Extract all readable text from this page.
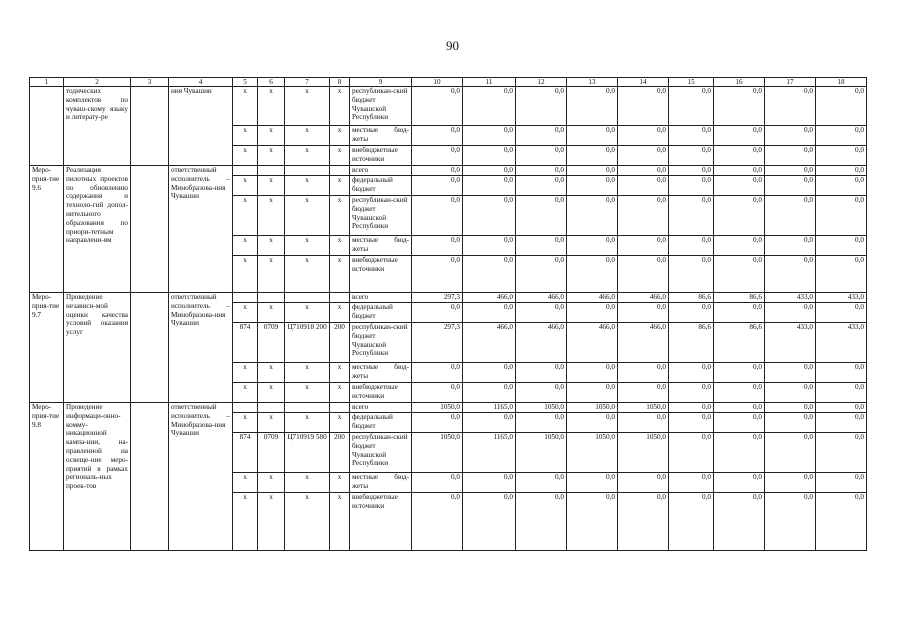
90
1	2	3	4	5	6	7	8	9	10	11	12	13	14	15	16	17	18
	тодических комплектов по чуваш-скому языку и литерату-ре		ния Чувашии	x	x	x	x	республикан-ский бюджет Чувашской Республики	0,0	0,0	0,0	0,0	0,0	0,0	0,0	0,0	0,0
				x	x	x	x	местные бюд-жеты	0,0	0,0	0,0	0,0	0,0	0,0	0,0	0,0	0,0
				x	x	x	x	внебюджетные источники	0,0	0,0	0,0	0,0	0,0	0,0	0,0	0,0	0,0
Меро-прия-тие 9.6	Реализация пилотных проектов по обновлению содержания и техноло-гий допол-нительного образования по приори-тетным направлени-ям		ответственный исполнитель – Минобразова-ния Чувашии					всего	0,0	0,0	0,0	0,0	0,0	0,0	0,0	0,0	0,0
				x	x	x	x	федеральный бюджет	0,0	0,0	0,0	0,0	0,0	0,0	0,0	0,0	0,0
				x	x	x	x	республикан-ский бюджет Чувашской Республики	0,0	0,0	0,0	0,0	0,0	0,0	0,0	0,0	0,0
				x	x	x	x	местные бюд-жеты	0,0	0,0	0,0	0,0	0,0	0,0	0,0	0,0	0,0
				x	x	x	x	внебюджетные источники	0,0	0,0	0,0	0,0	0,0	0,0	0,0	0,0	0,0
Меро-прия-тие 9.7	Проведение независи-мой оценки качества условий оказания услуг		ответственный исполнитель – Минобразова-ния Чувашии					всего	297,3	466,0	466,0	466,0	466,0	86,6	86,6	433,0	433,0
				x	x	x	x	федеральный бюджет	0,0	0,0	0,0	0,0	0,0	0,0	0,0	0,0	0,0
				874	0709	Ц710918 200	200	республикан-ский бюджет Чувашской Республики	297,3	466,0	466,0	466,0	466,0	86,6	86,6	433,0	433,0
				x	x	x	x	местные бюд-жеты	0,0	0,0	0,0	0,0	0,0	0,0	0,0	0,0	0,0
				x	x	x	x	внебюджетные источники	0,0	0,0	0,0	0,0	0,0	0,0	0,0	0,0	0,0
Меро-прия-тие 9.8	Проведение информаци-онно-комму-никационной кампа-нии, на-правленной на освеще-ние меро-приятий в рамках региональ-ных проек-тов		ответственный исполнитель – Минобразова-ния Чувашии					всего	1050,0	1165,0	1050,0	1050,0	1050,0	0,0	0,0	0,0	0,0
				x	x	x	x	федеральный бюджет	0,0	0,0	0,0	0,0	0,0	0,0	0,0	0,0	0,0
				874	0709	Ц710919 580	200	республикан-ский бюджет Чувашской Республики	1050,0	1165,0	1050,0	1050,0	1050,0	0,0	0,0	0,0	0,0
				x	x	x	x	местные бюд-жеты	0,0	0,0	0,0	0,0	0,0	0,0	0,0	0,0	0,0
				x	x	x	x	внебюджетные источники	0,0	0,0	0,0	0,0	0,0	0,0	0,0	0,0	0,0
